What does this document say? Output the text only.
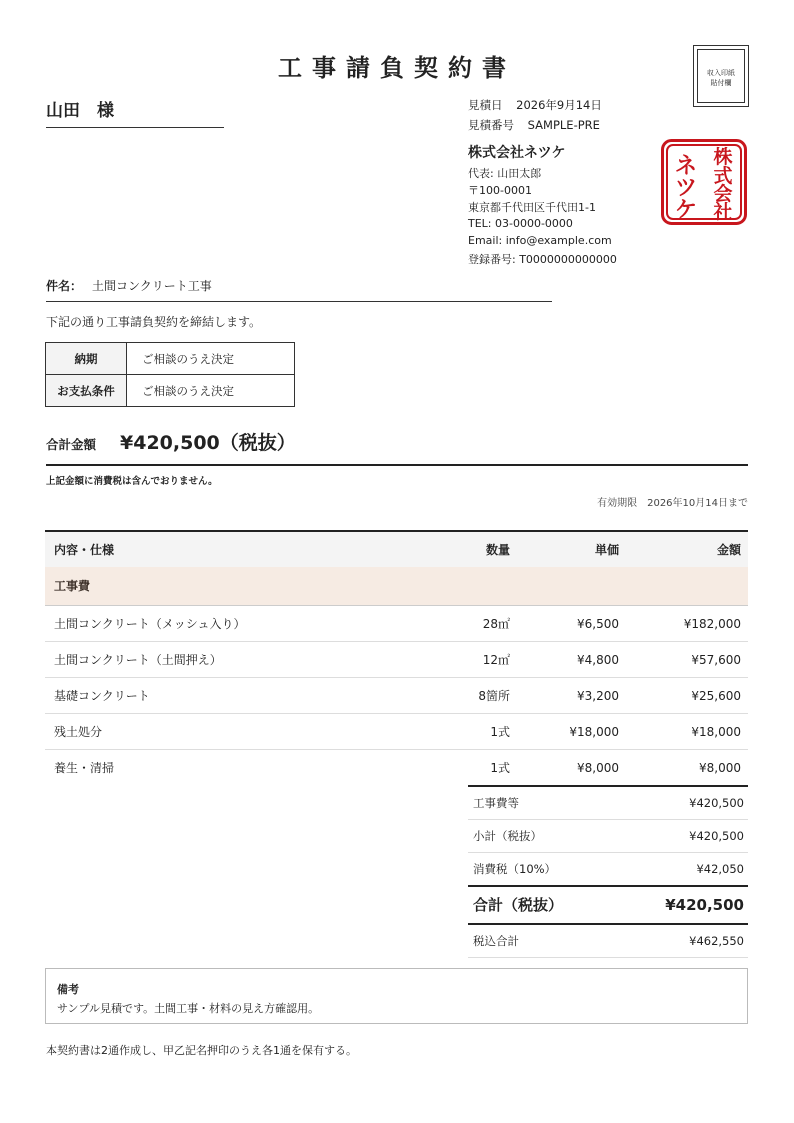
工事請負契約書	収入印紙
貼付欄
山田　様	見積日 2026年9月14日
見積番号 SAMPLE-PRE
株式会社ネツケ
代表: 山田太郎
〒100-0001
東京都千代田区千代田1-1
TEL: 03-0000-0000
Email: info@example.com
登録番号: T0000000000000
株
式
会
社
ネ
ツ
ケ
件名： 土間コンクリート工事
下記の通り工事請負契約を締結します。
納期	ご相談のうえ決定
お支払条件	ご相談のうえ決定
合計金額 ¥420,500（税抜）
上記金額に消費税は含んでおりません。
有効期限 2026年10月14日まで
内容・仕様	数量	単価	金額
工事費
土間コンクリート（メッシュ入り）	28㎡	¥6,500	¥182,000
土間コンクリート（土間押え）	12㎡	¥4,800	¥57,600
基礎コンクリート	8箇所	¥3,200	¥25,600
残土処分	1式	¥18,000	¥18,000
養生・清掃	1式	¥8,000	¥8,000
工事費等	¥420,500
小計（税抜）	¥420,500
消費税（10%）	¥42,050
合計（税抜）	¥420,500
税込合計	¥462,550
備考
サンプル見積です。土間工事・材料の見え方確認用。
本契約書は2通作成し、甲乙記名押印のうえ各1通を保有する。
